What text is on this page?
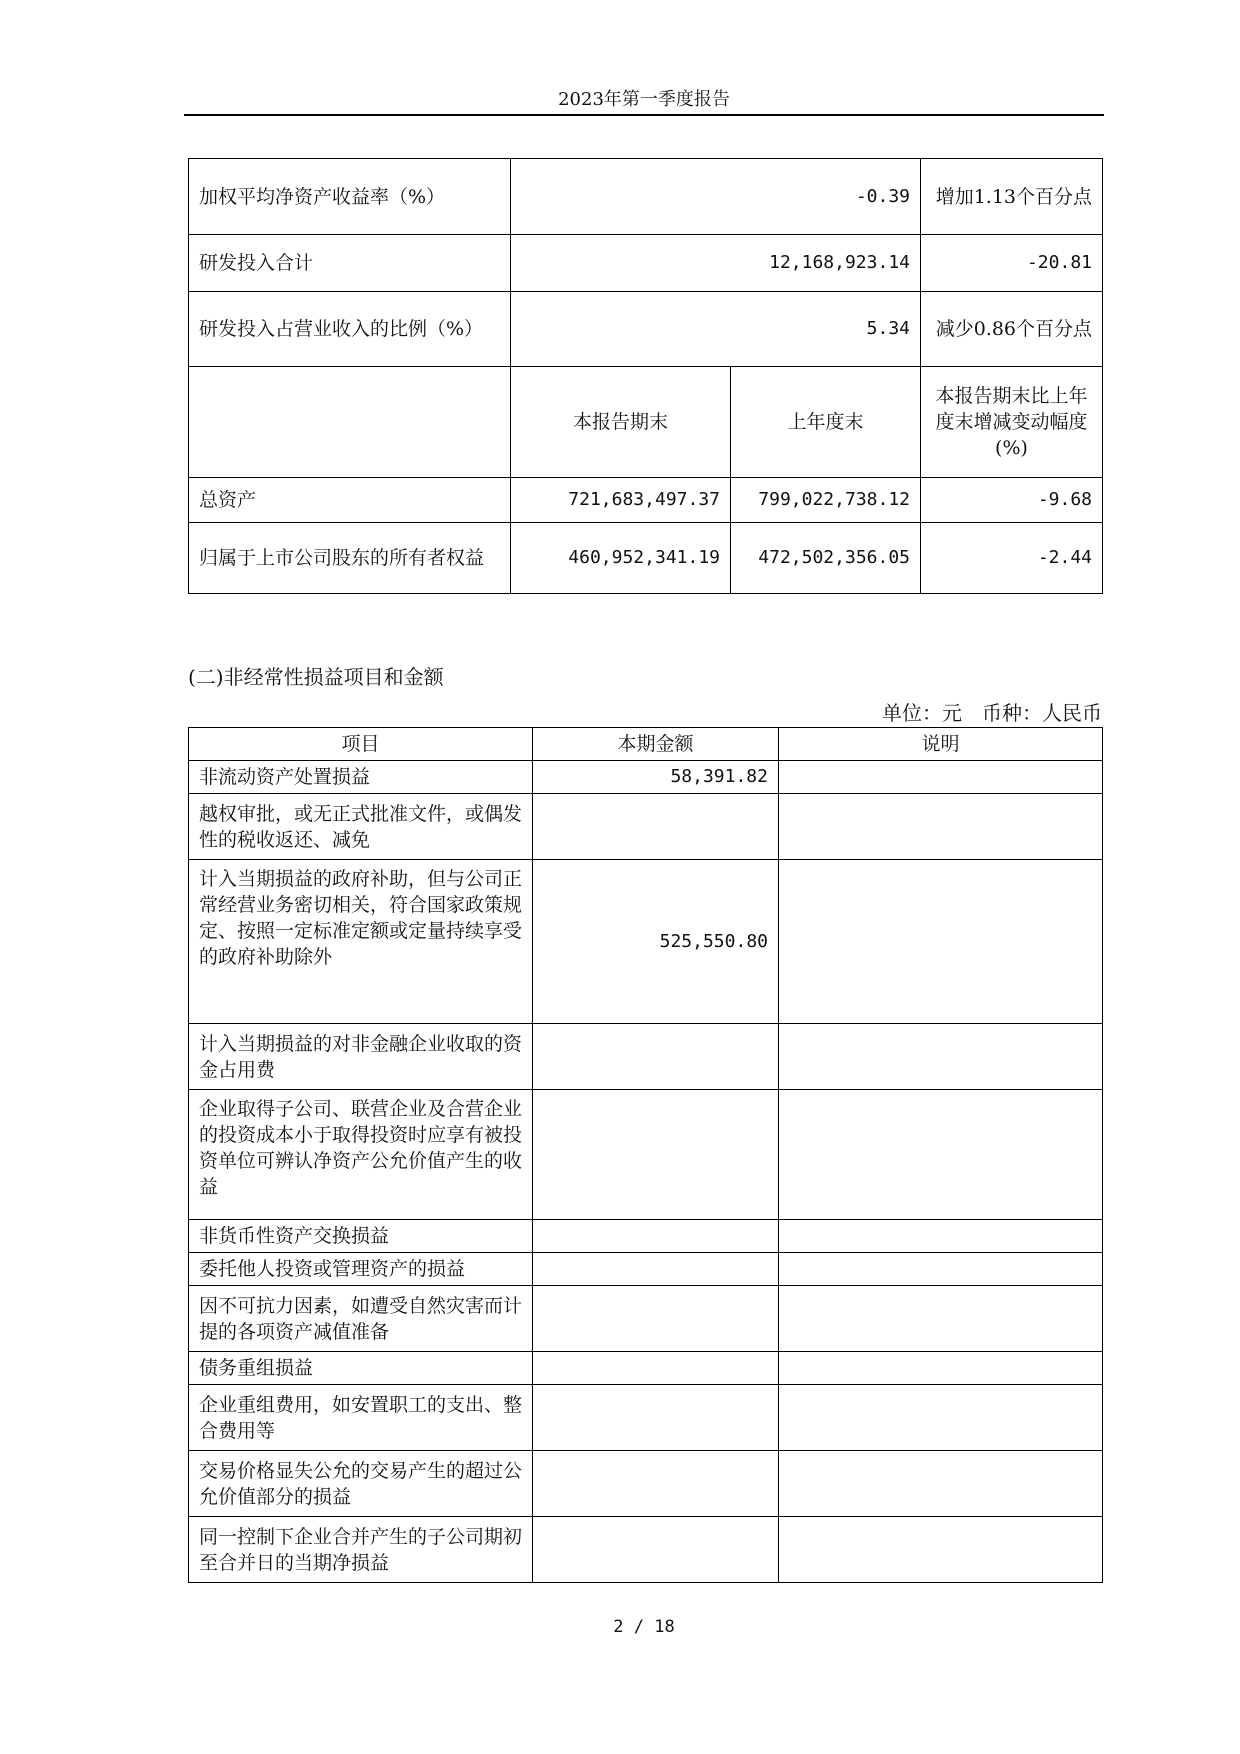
2023年第一季度报告
加权平均净资产收益率（%）	-0.39		增加1.13个百分点
研发投入合计	12,168,923.14		-20.81
研发投入占营业收入的比例（%）	5.34		减少0.86个百分点
	本报告期末	上年度末	本报告期末比上年度末增减变动幅度(%)
总资产	721,683,497.37	799,022,738.12	-9.68
归属于上市公司股东的所有者权益	460,952,341.19	472,502,356.05	-2.44
(二)非经常性损益项目和金额
单位：元　币种：人民币
项目	本期金额	说明
非流动资产处置损益	58,391.82	
越权审批，或无正式批准文件，或偶发性的税收返还、减免		
计入当期损益的政府补助，但与公司正常经营业务密切相关，符合国家政策规定、按照一定标准定额或定量持续享受的政府补助除外	525,550.80	
计入当期损益的对非金融企业收取的资金占用费		
企业取得子公司、联营企业及合营企业的投资成本小于取得投资时应享有被投资单位可辨认净资产公允价值产生的收益		
非货币性资产交换损益		
委托他人投资或管理资产的损益		
因不可抗力因素，如遭受自然灾害而计提的各项资产减值准备		
债务重组损益		
企业重组费用，如安置职工的支出、整合费用等		
交易价格显失公允的交易产生的超过公允价值部分的损益		
同一控制下企业合并产生的子公司期初至合并日的当期净损益		
2 / 18
